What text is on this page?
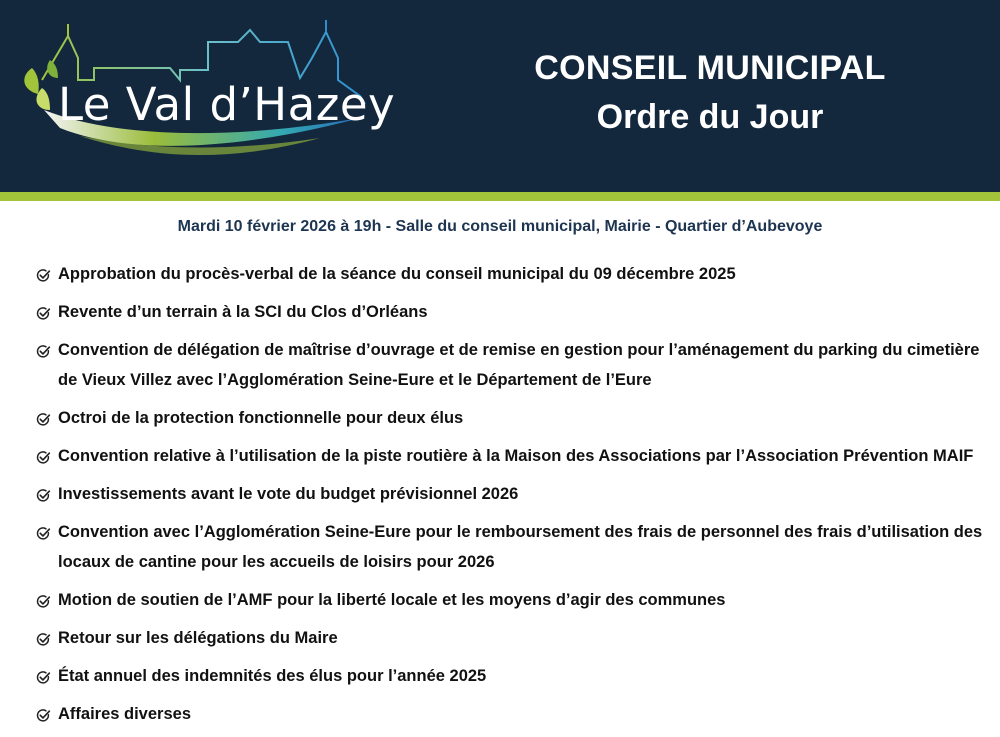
Le Val d’Hazey
CONSEIL MUNICIPAL
Ordre du Jour
Mardi 10 février 2026 à 19h - Salle du conseil municipal, Mairie - Quartier d’Aubevoye
Approbation du procès-verbal de la séance du conseil municipal du 09 décembre 2025
Revente d’un terrain à la SCI du Clos d’Orléans
Convention de délégation de maîtrise d’ouvrage et de remise en gestion pour l’aménagement du parking du cimetière de Vieux Villez avec l’Agglomération Seine-Eure et le Département de l’Eure
Octroi de la protection fonctionnelle pour deux élus
Convention relative à l’utilisation de la piste routière à la Maison des Associations par l’Association Prévention MAIF
Investissements avant le vote du budget prévisionnel 2026
Convention avec l’Agglomération Seine-Eure pour le remboursement des frais de personnel des frais d’utilisation des locaux de cantine pour les accueils de loisirs pour 2026
Motion de soutien de l’AMF pour la liberté locale et les moyens d’agir des communes
Retour sur les délégations du Maire
État annuel des indemnités des élus pour l’année 2025
Affaires diverses
